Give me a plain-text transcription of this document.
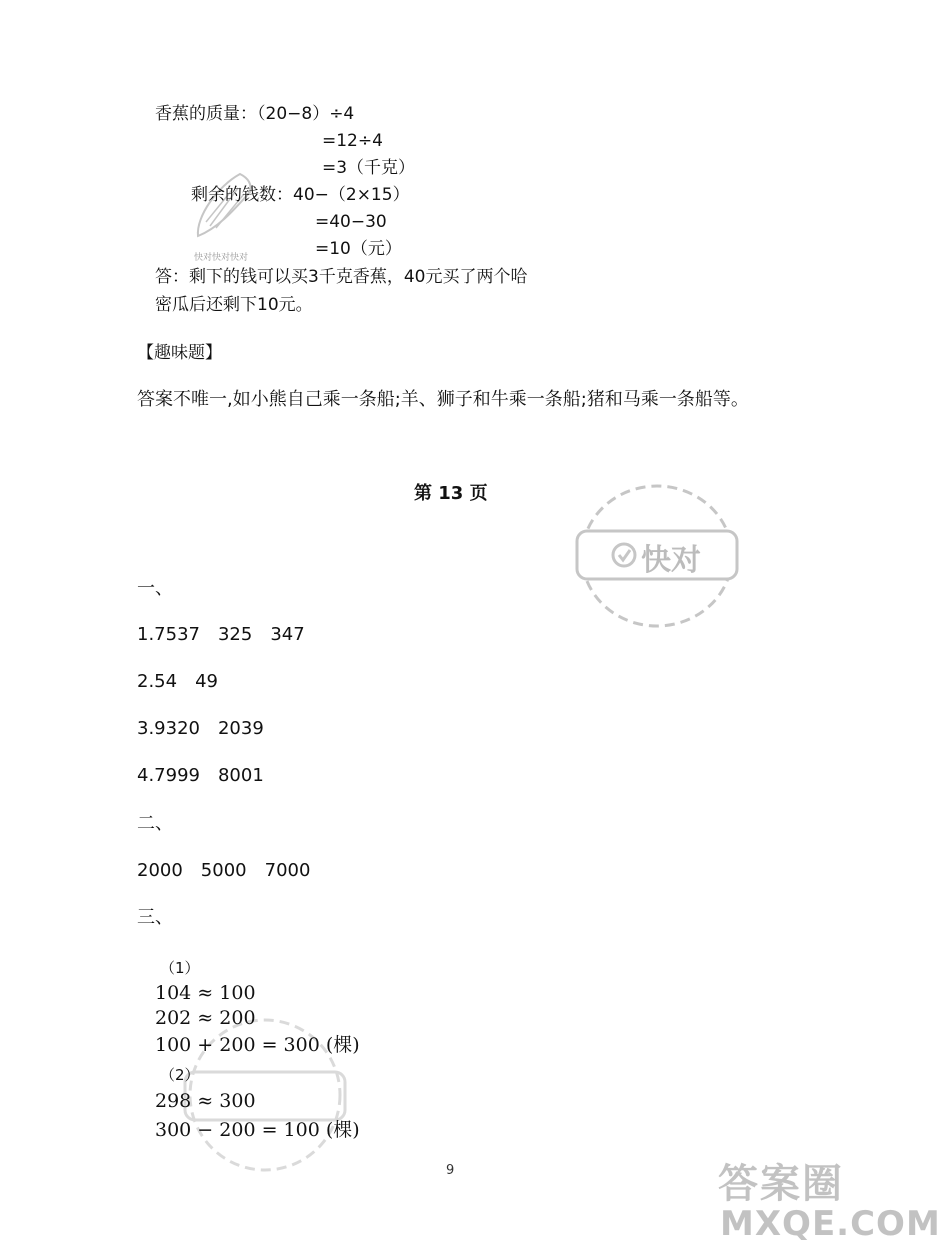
香蕉的质量：（20−8）÷4
=12÷4
=3（千克）
剩余的钱数：40−（2×15）
=40−30
=10（元）
答：剩下的钱可以买3千克香蕉，40元买了两个哈
密瓜后还剩下10元。
快对快对快对
【趣味题】
答案不唯一,如小熊自己乘一条船;羊、狮子和牛乘一条船;猪和马乘一条船等。
第 13 页
快对
一、
1.7537　325　347
2.54　49
3.9320　2039
4.7999　8001
二、
2000　5000　7000
三、
（1）
104 ≈ 100
202 ≈ 200
100 + 200 = 300 (棵)
（2）
298 ≈ 300
300 − 200 = 100 (棵)
9	答案圈
MXQE.COM
